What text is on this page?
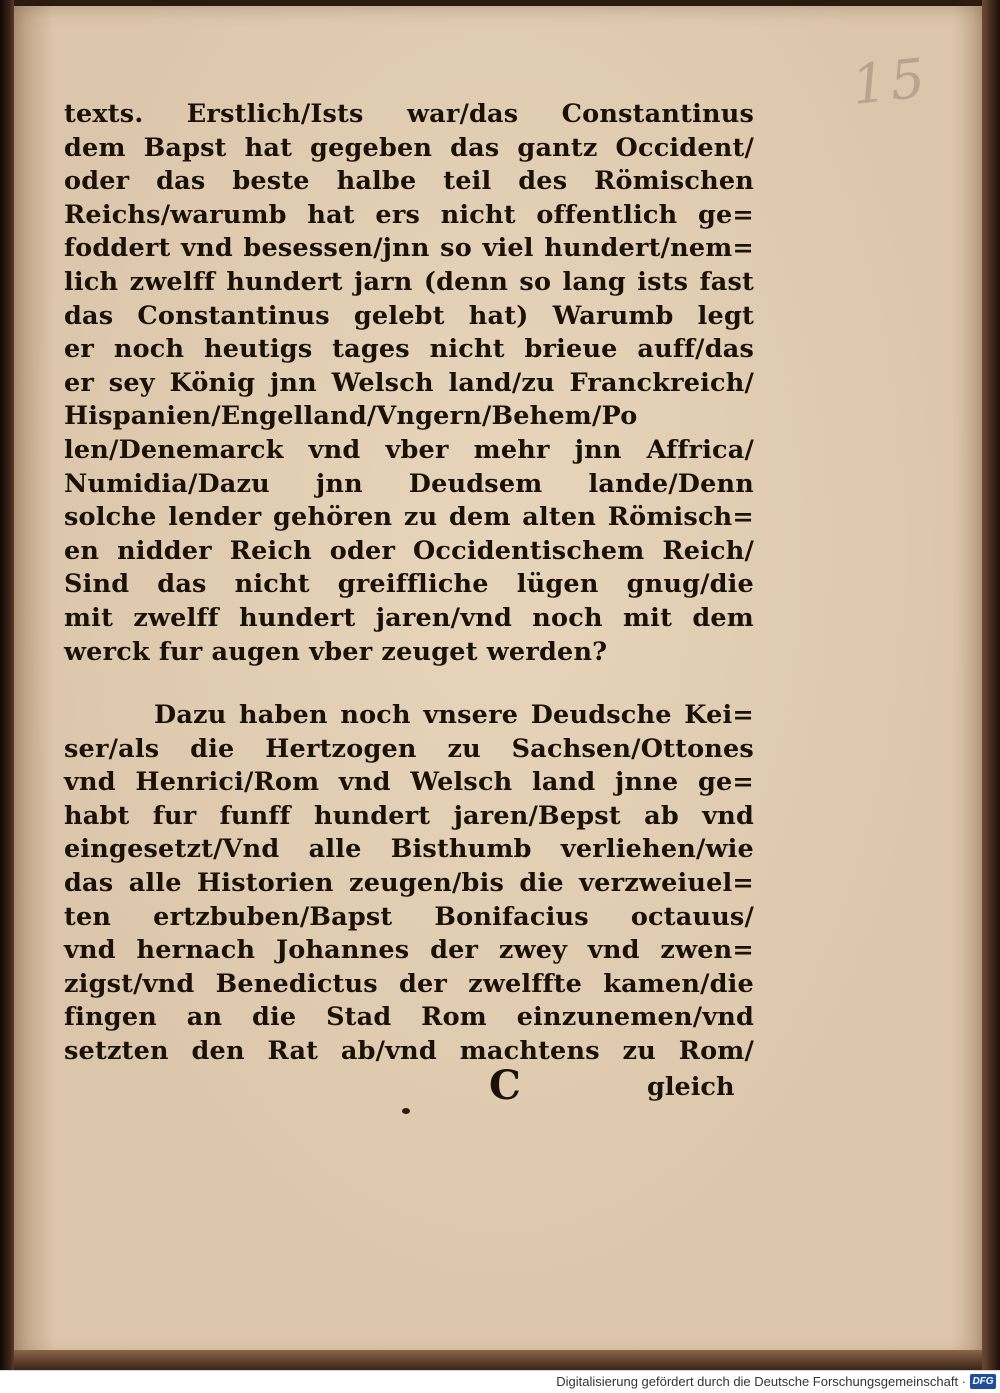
15
texts. Erstlich/Ists war/das Constantinus
dem Bapst hat gegeben das gantz Occident/
oder das beste halbe teil des Römischen
Reichs/warumb hat ers nicht offentlich ge=
foddert vnd besessen/jnn so viel hundert/nem=
lich zwelff hundert jarn (denn so lang ists fast
das Constantinus gelebt hat) Warumb legt
er noch heutigs tages nicht brieue auff/das
er sey König jnn Welsch land/zu Franckreich/
Hispanien/Engelland/Vngern/Behem/Po
len/Denemarck vnd vber mehr jnn Affrica/
Numidia/Dazu jnn Deudsem lande/Denn
solche lender gehören zu dem alten Römisch=
en nidder Reich oder Occidentischem Reich/
Sind das nicht greiffliche lügen gnug/die
mit zwelff hundert jaren/vnd noch mit dem
werck fur augen vber zeuget werden?
Dazu haben noch vnsere Deudsche Kei=
ser/als die Hertzogen zu Sachsen/Ottones
vnd Henrici/Rom vnd Welsch land jnne ge=
habt fur funff hundert jaren/Bepst ab vnd
eingesetzt/Vnd alle Bisthumb verliehen/wie
das alle Historien zeugen/bis die verzweiuel=
ten ertzbuben/Bapst Bonifacius octauus/
vnd hernach Johannes der zwey vnd zwen=
zigst/vnd Benedictus der zwelffte kamen/die
fingen an die Stad Rom einzunemen/vnd
setzten den Rat ab/vnd machtens zu Rom/
C	gleich
Digitalisierung gefördert durch die Deutsche Forschungsgemeinschaft · DFG
